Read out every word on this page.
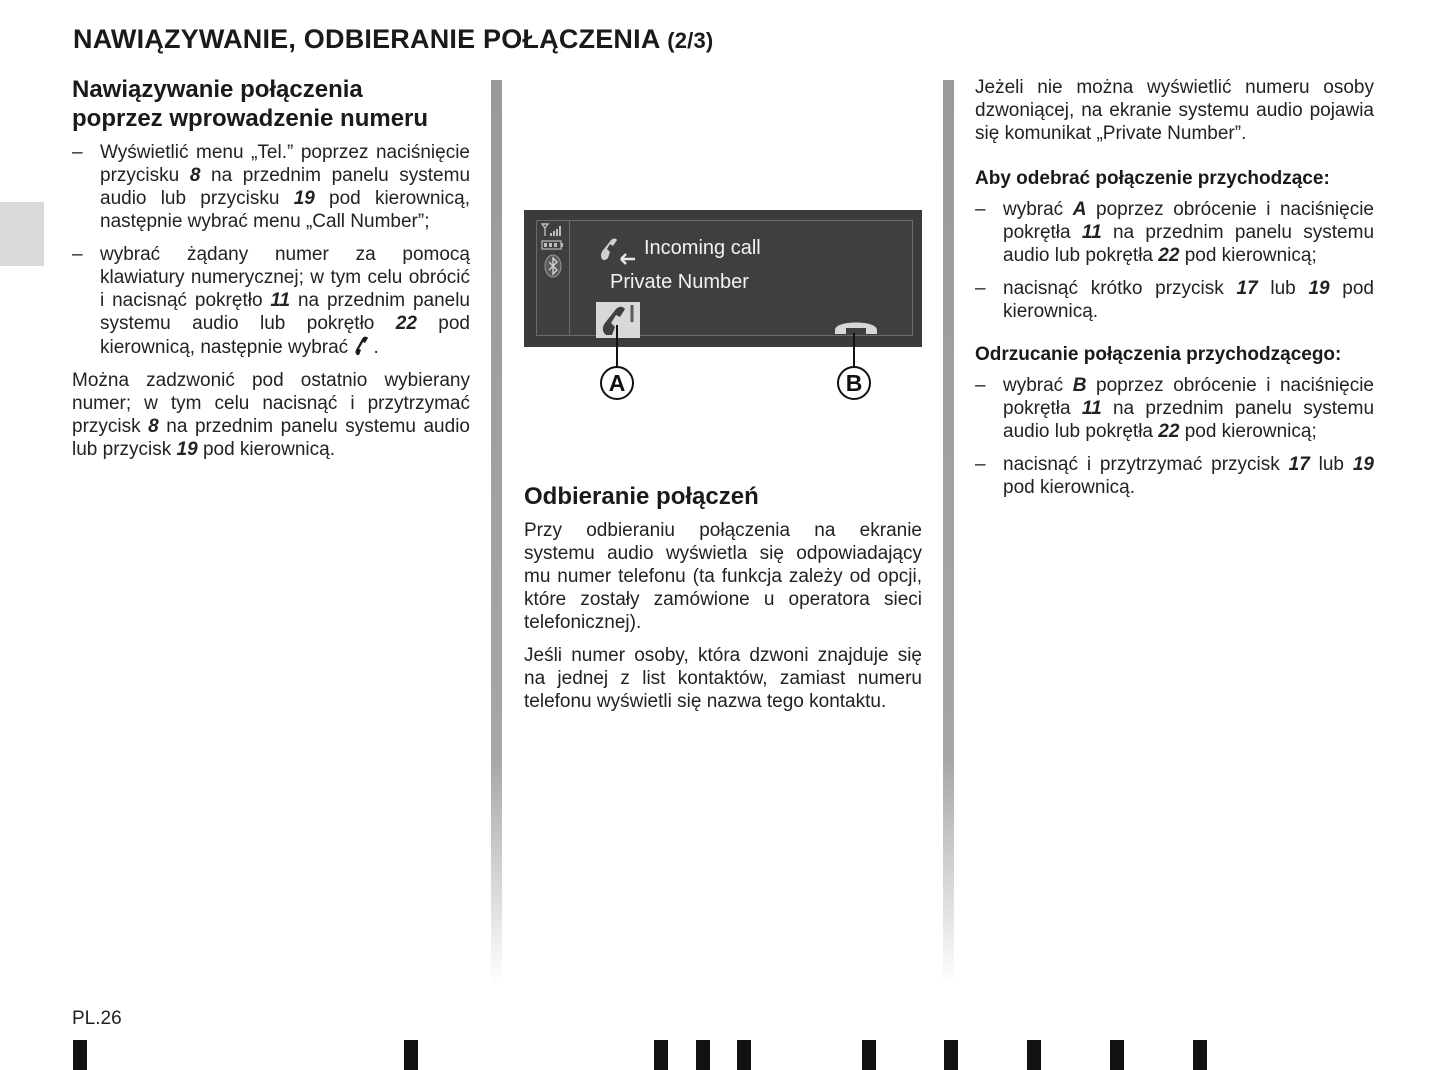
NAWIĄZYWANIE, ODBIERANIE POŁĄCZENIA (2/3)
Nawiązywanie połączenia
poprzez wprowadzenie numeru
– Wyświetlić menu „Tel.” poprzez naciśnięcie przycisku 8 na przednim panelu systemu audio lub przycisku 19 pod kierownicą, następnie wybrać menu „Call Number”;
– wybrać żądany numer za pomocą klawiatury numerycznej; w tym celu obrócić i nacisnąć pokrętło 11 na przednim panelu systemu audio lub pokrętło 22 pod kierownicą, następnie wybrać .

Można zadzwonić pod ostatnio wybierany numer; w tym celu nacisnąć i przytrzymać przycisk 8 na przednim panelu systemu audio lub przycisk 19 pod kierownicą.

Incoming call
Private Number
A	B
Odbieranie połączeń

Przy odbieraniu połączenia na ekranie systemu audio wyświetla się odpowiadający mu numer telefonu (ta funkcja zależy od opcji, które zostały zamówione u operatora sieci telefonicznej).

Jeśli numer osoby, która dzwoni znajduje się na jednej z list kontaktów, zamiast numeru telefonu wyświetli się nazwa tego kontaktu.

Jeżeli nie można wyświetlić numeru osoby dzwoniącej, na ekranie systemu audio pojawia się komunikat „Private Number”.

Aby odebrać połączenie przychodzące:
– wybrać A poprzez obrócenie i naciśnięcie pokrętła 11 na przednim panelu systemu audio lub pokrętła 22 pod kierownicą;
– nacisnąć krótko przycisk 17 lub 19 pod kierownicą.
Odrzucanie połączenia przychodzącego:
– wybrać B poprzez obrócenie i naciśnięcie pokrętła 11 na przednim panelu systemu audio lub pokrętła 22 pod kierownicą;
– nacisnąć i przytrzymać przycisk 17 lub 19 pod kierownicą.
PL.26
